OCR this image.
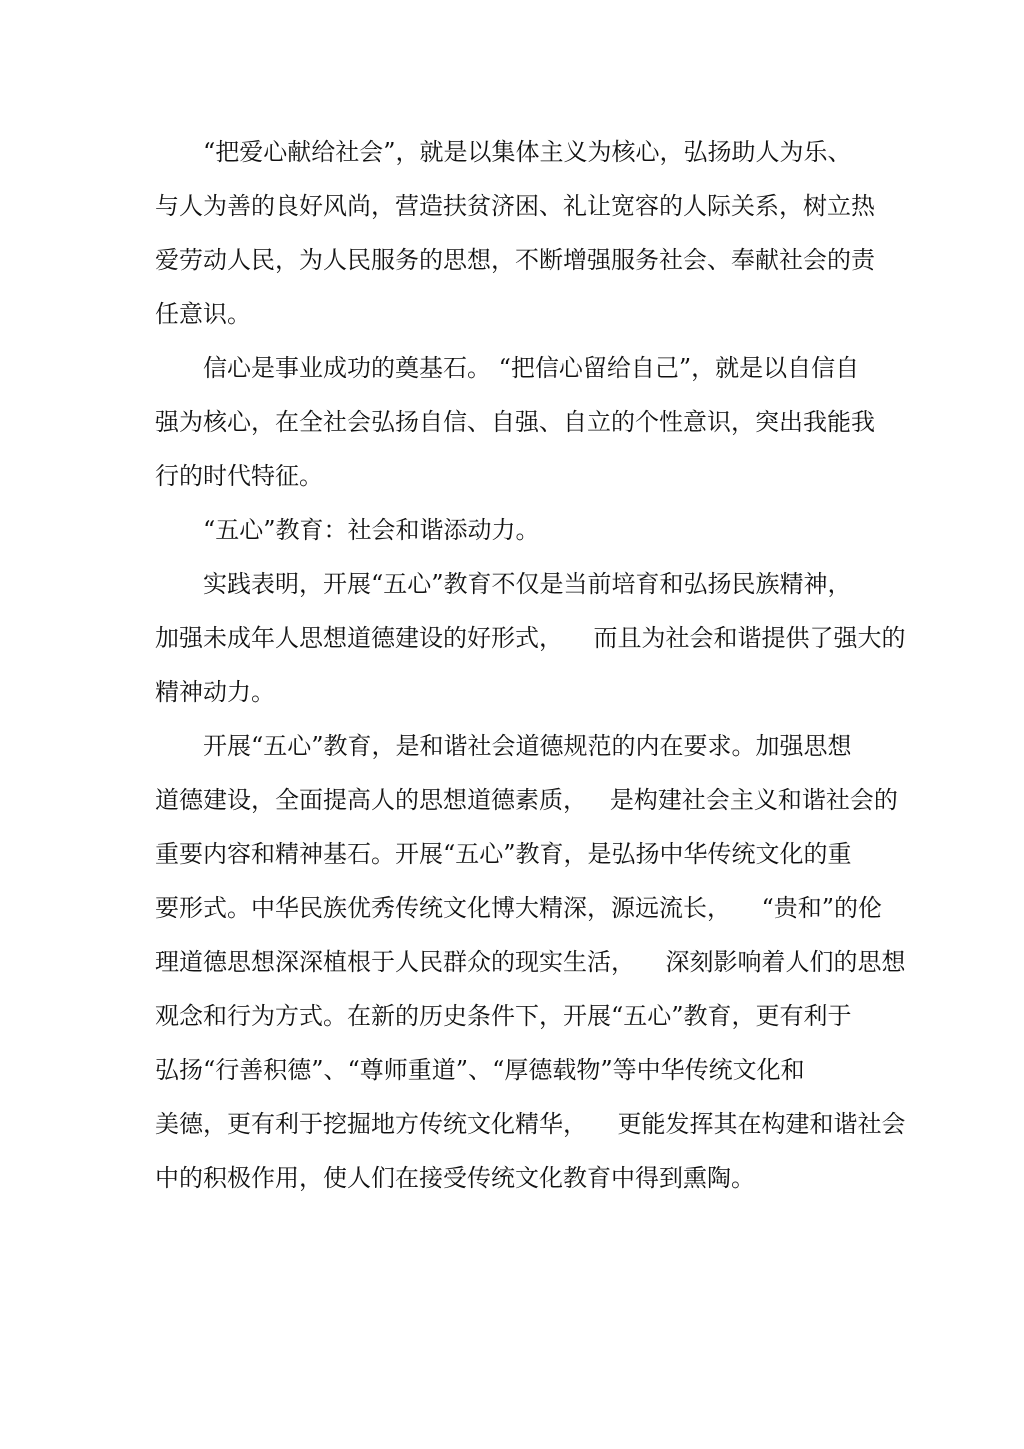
“把爱心献给社会”，就是以集体主义为核心，弘扬助人为乐、
与人为善的良好风尚，营造扶贫济困、礼让宽容的人际关系，树立热
爱劳动人民，为人民服务的思想，不断增强服务社会、奉献社会的责
任意识。
信心是事业成功的奠基石。 “把信心留给自己”，就是以自信自
强为核心，在全社会弘扬自信、自强、自立的个性意识，突出我能我
行的时代特征。
“五心”教育：社会和谐添动力。
实践表明，开展“五心”教育不仅是当前培育和弘扬民族精神，
加强未成年人思想道德建设的好形式，    而且为社会和谐提供了强大的
精神动力。
开展“五心”教育，是和谐社会道德规范的内在要求。加强思想
道德建设，全面提高人的思想道德素质，   是构建社会主义和谐社会的
重要内容和精神基石。开展“五心”教育，是弘扬中华传统文化的重
要形式。中华民族优秀传统文化博大精深，源远流长，    “贵和”的伦
理道德思想深深植根于人民群众的现实生活，    深刻影响着人们的思想
观念和行为方式。在新的历史条件下，开展“五心”教育，更有利于
弘扬“行善积德”、“尊师重道”、“厚德载物”等中华传统文化和
美德，更有利于挖掘地方传统文化精华，    更能发挥其在构建和谐社会
中的积极作用，使人们在接受传统文化教育中得到熏陶。
